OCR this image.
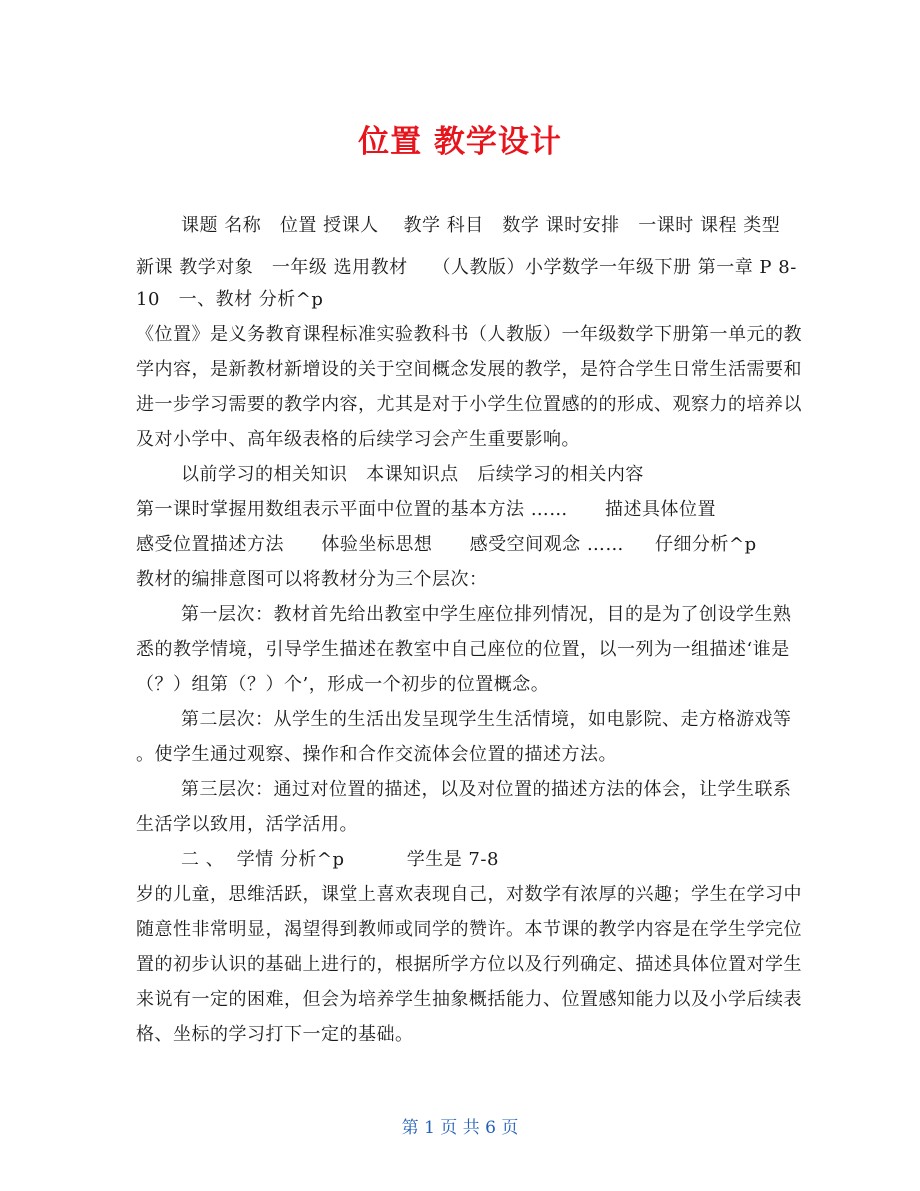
位置 教学设计
课题 名称   位置 授课人    教学 科目   数学 课时安排   一课时 课程 类型
新课 教学对象   一年级 选用教材    （人教版）小学数学一年级下册 第一章 P 8-
10   一、教材 分析^p
《位置》是义务教育课程标准实验教科书（人教版）一年级数学下册第一单元的教
学内容，是新教材新增设的关于空间概念发展的教学，是符合学生日常生活需要和
进一步学习需要的教学内容，尤其是对于小学生位置感的的形成、观察力的培养以
及对小学中、高年级表格的后续学习会产生重要影响。
以前学习的相关知识   本课知识点   后续学习的相关内容
第一课时掌握用数组表示平面中位置的基本方法 ……      描述具体位置
感受位置描述方法      体验坐标思想      感受空间观念 ……     仔细分析^p
教材的编排意图可以将教材分为三个层次：
第一层次：教材首先给出教室中学生座位排列情况，目的是为了创设学生熟
悉的教学情境，引导学生描述在教室中自己座位的位置，以一列为一组描述‘谁是
（？）组第（？）个’，形成一个初步的位置概念。
第二层次：从学生的生活出发呈现学生生活情境，如电影院、走方格游戏等
。使学生通过观察、操作和合作交流体会位置的描述方法。
第三层次：通过对位置的描述，以及对位置的描述方法的体会，让学生联系
生活学以致用，活学活用。
二 、  学情 分析^p          学生是 7-8
岁的儿童，思维活跃，课堂上喜欢表现自己，对数学有浓厚的兴趣；学生在学习中
随意性非常明显，渴望得到教师或同学的赞许。本节课的教学内容是在学生学完位
置的初步认识的基础上进行的，根据所学方位以及行列确定、描述具体位置对学生
来说有一定的困难，但会为培养学生抽象概括能力、位置感知能力以及小学后续表
格、坐标的学习打下一定的基础。
第 1 页 共 6 页
